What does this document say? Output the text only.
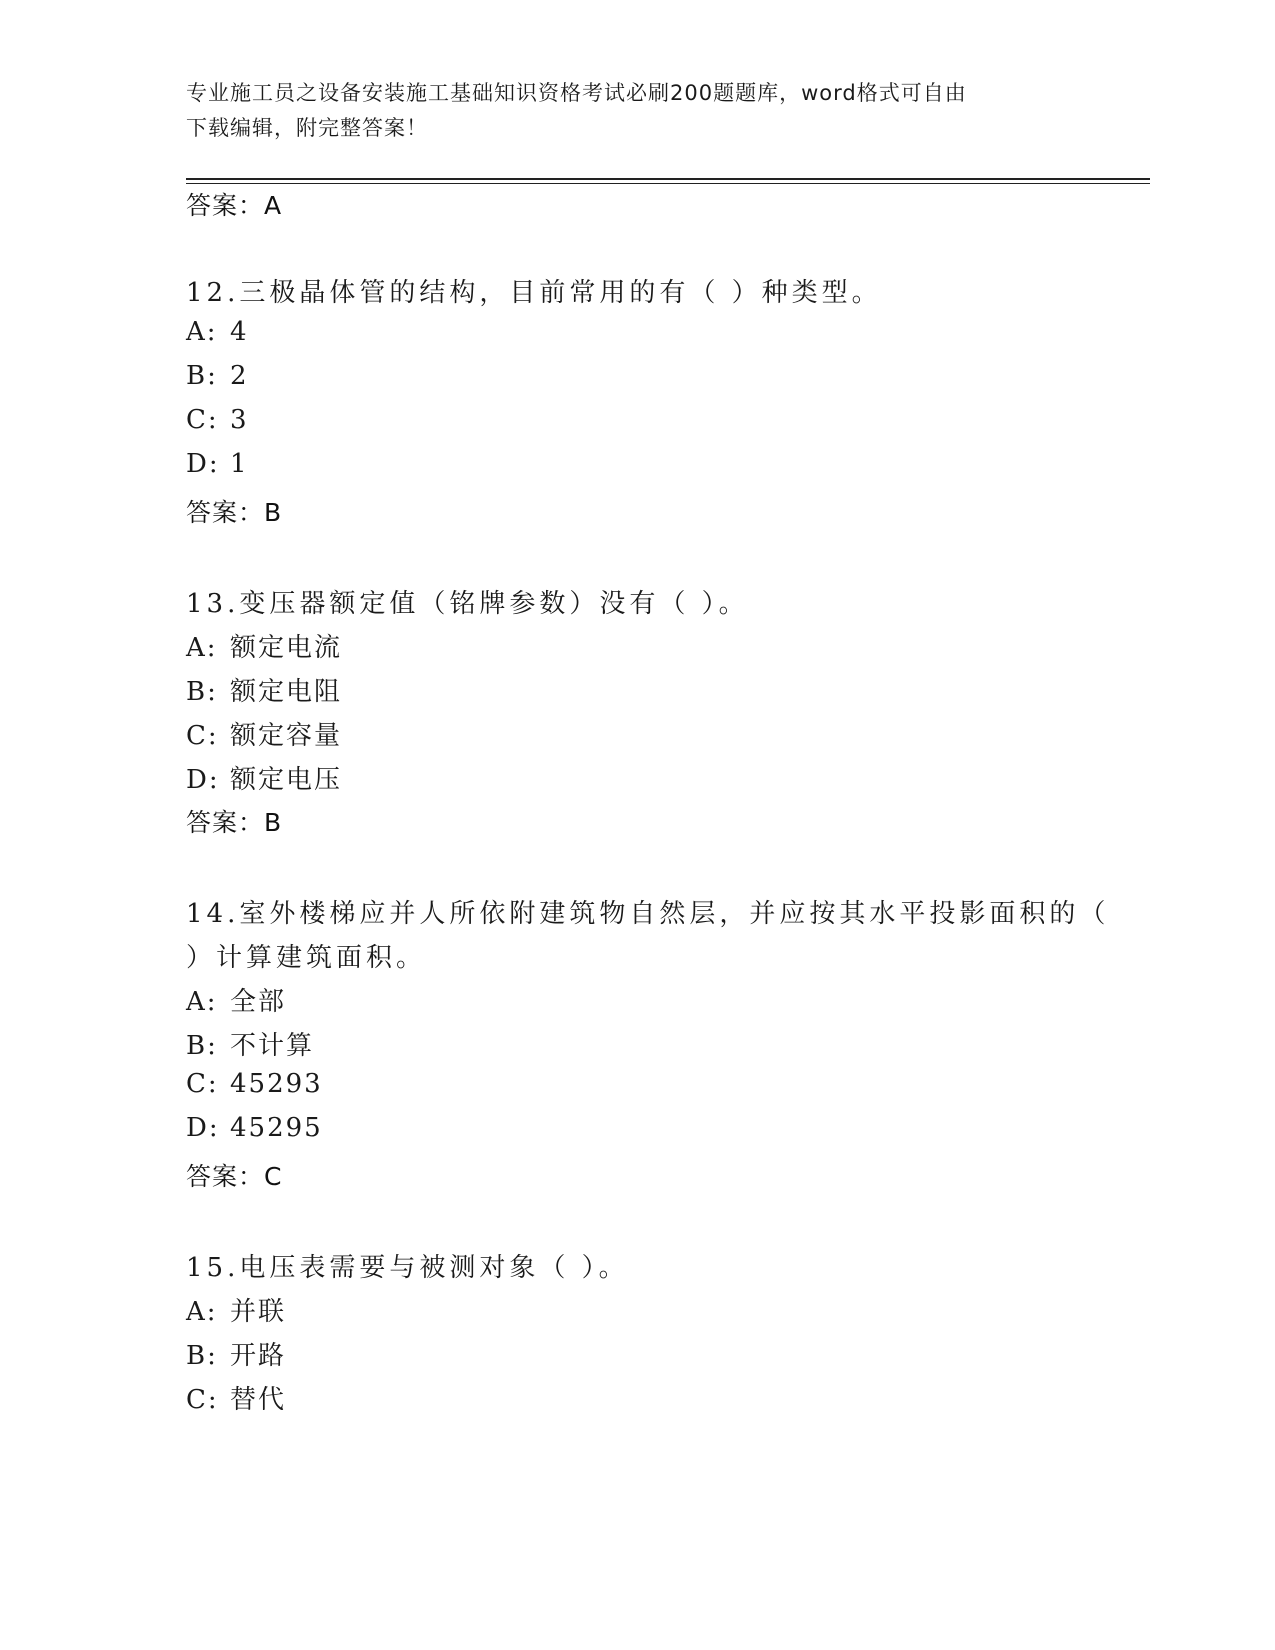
专业施工员之设备安装施工基础知识资格考试必刷200题题库，word格式可自由
下载编辑，附完整答案！
答案：A
12.三极晶体管的结构，目前常用的有（ ）种类型。
A: 4
B: 2
C: 3
D: 1
答案：B
13.变压器额定值（铭牌参数）没有（ ）。
A: 额定电流
B: 额定电阻
C: 额定容量
D: 额定电压
答案：B
14.室外楼梯应并人所依附建筑物自然层，并应按其水平投影面积的（
）计算建筑面积。
A: 全部
B: 不计算
C: 45293
D: 45295
答案：C
15.电压表需要与被测对象（ ）。
A: 并联
B: 开路
C: 替代
